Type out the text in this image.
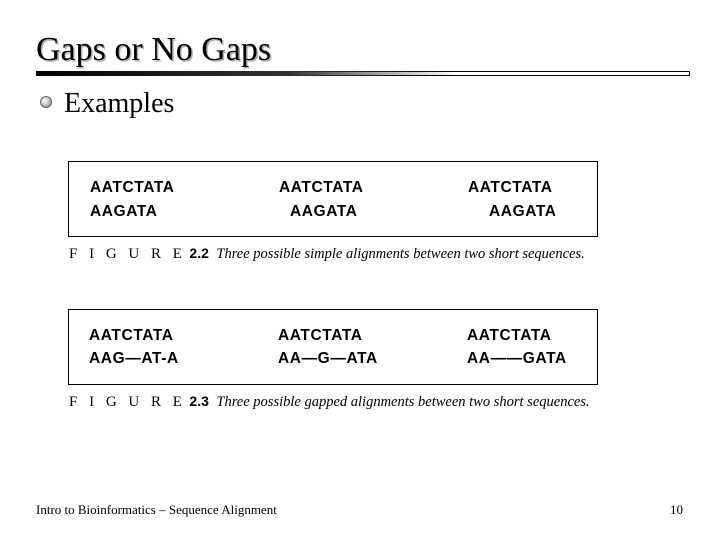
Gaps or No Gaps
Examples
AATCTATA
AAGATA
AATCTATA
AAGATA
AATCTATA
AAGATA
F I G U R E 2.2 Three possible simple alignments between two short sequences.
AATCTATA
AAG—AT-A
AATCTATA
AA—G—ATA
AATCTATA
AA——GATA
F I G U R E 2.3 Three possible gapped alignments between two short sequences.
Intro to Bioinformatics – Sequence Alignment	10
